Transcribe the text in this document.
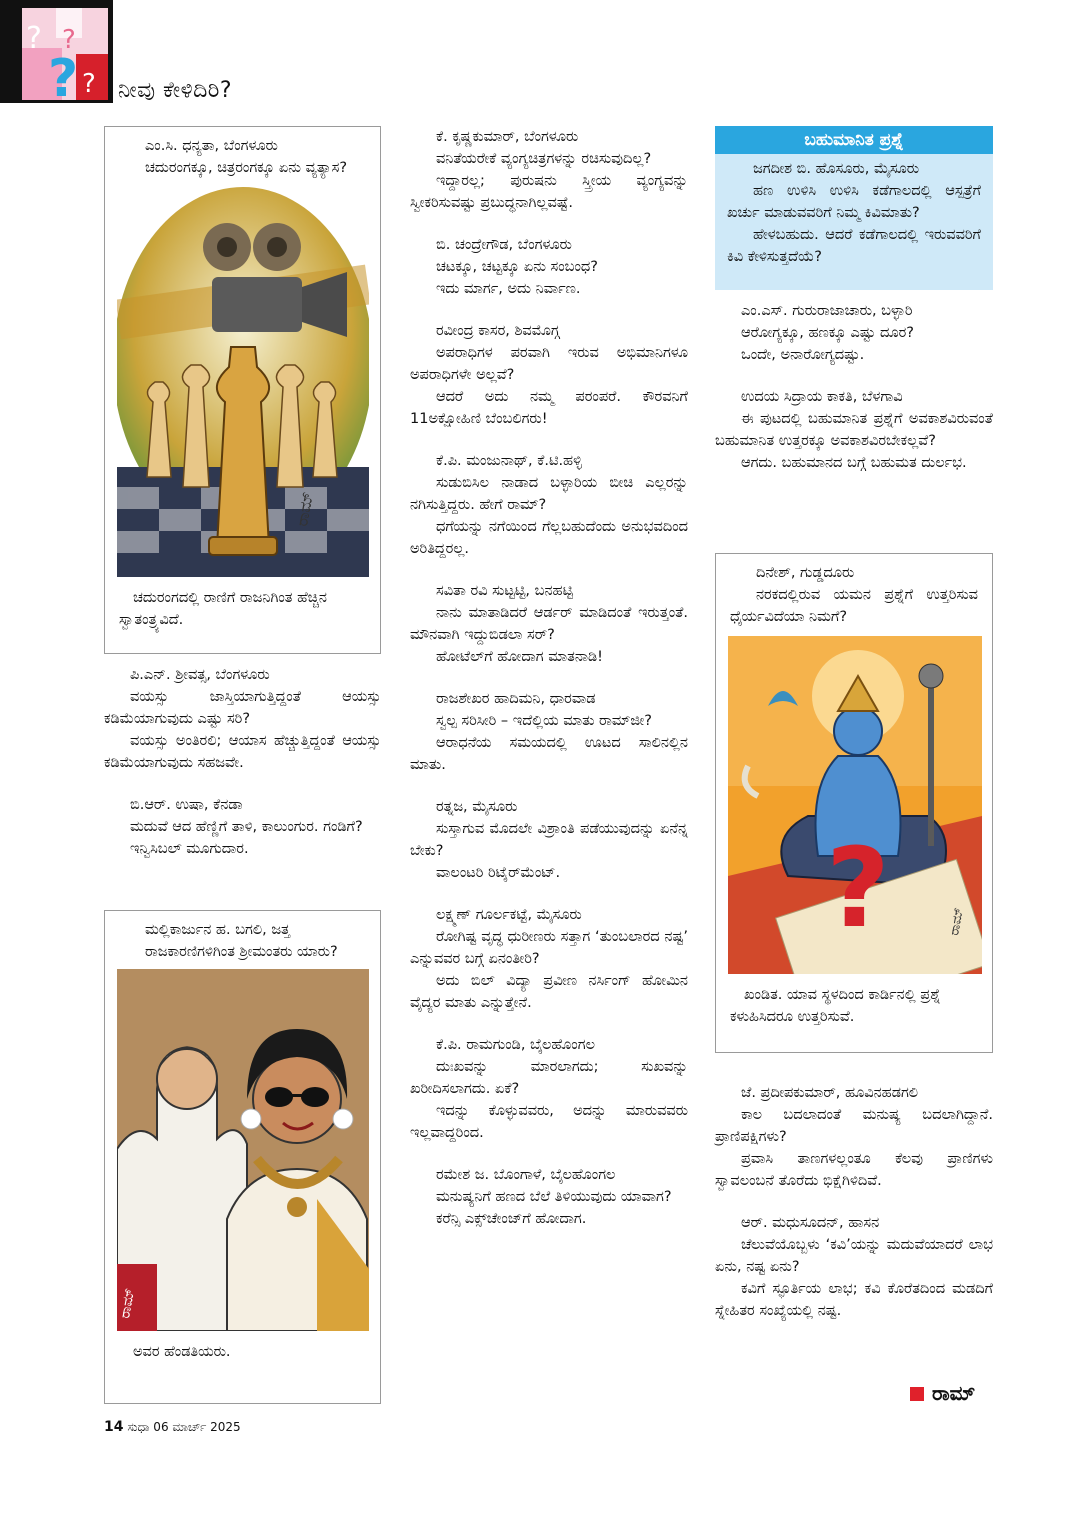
? ?
? ? ನೀವು ಕೇಳಿದಿರಿ?

ಎಂ.ಸಿ. ಧನ್ಯತಾ, ಬೆಂಗಳೂರು

ಚದುರಂಗಕ್ಕೂ, ಚಿತ್ರರಂಗಕ್ಕೂ ಏನು ವ್ಯತ್ಯಾಸ?

ರಾಮ್

ಚದುರಂಗದಲ್ಲಿ ರಾಣಿಗೆ ರಾಜನಿಗಿಂತ ಹೆಚ್ಚಿನ ಸ್ವಾತಂತ್ರ್ಯವಿದೆ.

ಪಿ.ಎನ್. ಶ್ರೀವತ್ಸ, ಬೆಂಗಳೂರು

ವಯಸ್ಸು ಜಾಸ್ತಿಯಾಗುತ್ತಿದ್ದಂತೆ ಆಯಸ್ಸು ಕಡಿಮೆಯಾಗುವುದು ಎಷ್ಟು ಸರಿ?

ವಯಸ್ಸು ಅಂತಿರಲಿ; ಆಯಾಸ ಹೆಚ್ಚುತ್ತಿದ್ದಂತೆ ಆಯಸ್ಸು ಕಡಿಮೆಯಾಗುವುದು ಸಹಜವೇ.

ಬಿ.ಆರ್. ಉಷಾ, ಕೆನಡಾ

ಮದುವೆ ಆದ ಹೆಣ್ಣಿಗೆ ತಾಳಿ, ಕಾಲುಂಗುರ. ಗಂಡಿಗೆ?

ಇನ್ವಿಸಿಬಲ್ ಮೂಗುದಾರ.

ಮಲ್ಲಿಕಾರ್ಜುನ ಹ. ಬಗಲಿ, ಜತ್ತ

ರಾಜಕಾರಣಿಗಳಿಗಿಂತ ಶ್ರೀಮಂತರು ಯಾರು?

ರಾಮ್

ಅವರ ಹೆಂಡತಿಯರು.

ಕೆ. ಕೃಷ್ಣಕುಮಾರ್, ಬೆಂಗಳೂರು

ವನಿತೆಯರೇಕೆ ವ್ಯಂಗ್ಯಚಿತ್ರಗಳನ್ನು ರಚಿಸುವುದಿಲ್ಲ?

ಇದ್ದಾರಲ್ಲ; ಪುರುಷನು ಸ್ತ್ರೀಯ ವ್ಯಂಗ್ಯವನ್ನು ಸ್ವೀಕರಿಸುವಷ್ಟು ಪ್ರಬುದ್ಧನಾಗಿಲ್ಲವಷ್ಟೆ.

ಬಿ. ಚಂದ್ರೇಗೌಡ, ಬೆಂಗಳೂರು

ಚಟಕ್ಕೂ, ಚಟ್ಟಕ್ಕೂ ಏನು ಸಂಬಂಧ?

ಇದು ಮಾರ್ಗ, ಅದು ನಿರ್ವಾಣ.

ರವೀಂದ್ರ ಕಾಸರ, ಶಿವಮೊಗ್ಗ

ಅಪರಾಧಿಗಳ ಪರವಾಗಿ ಇರುವ ಅಭಿಮಾನಿಗಳೂ ಅಪರಾಧಿಗಳೇ ಅಲ್ಲವೆ?

ಆದರೆ ಅದು ನಮ್ಮ ಪರಂಪರೆ. ಕೌರವನಿಗೆ 11ಅಕ್ಷೋಹಿಣಿ ಬೆಂಬಲಿಗರು!

ಕೆ.ಪಿ. ಮಂಜುನಾಥ್, ಕೆ.ಟಿ.ಹಳ್ಳಿ

ಸುಡುಬಿಸಿಲ ನಾಡಾದ ಬಳ್ಳಾರಿಯ ಬೀಚಿ ಎಲ್ಲರನ್ನು ನಗಿಸುತ್ತಿದ್ದರು. ಹೇಗೆ ರಾಮ್?

ಧಗೆಯನ್ನು ನಗೆಯಿಂದ ಗೆಲ್ಲಬಹುದೆಂದು ಅನುಭವದಿಂದ ಅರಿತಿದ್ದರಲ್ಲ.

ಸವಿತಾ ರವಿ ಸುಟ್ಟಟ್ಟಿ, ಬನಹಟ್ಟಿ

ನಾನು ಮಾತಾಡಿದರೆ ಆರ್ಡರ್ ಮಾಡಿದಂತೆ ಇರುತ್ತಂತೆ. ಮೌನವಾಗಿ ಇದ್ದುಬಿಡಲಾ ಸರ್?

ಹೋಟೆಲ್‌ಗೆ ಹೋದಾಗ ಮಾತನಾಡಿ!

ರಾಜಶೇಖರ ಹಾದಿಮನಿ, ಧಾರವಾಡ

ಸ್ವಲ್ಪ ಸರಿಸೀರಿ – ಇದೆಲ್ಲಿಯ ಮಾತು ರಾಮ್‌ಜೀ?

ಆರಾಧನೆಯ ಸಮಯದಲ್ಲಿ ಊಟದ ಸಾಲಿನಲ್ಲಿನ ಮಾತು.

ರತ್ನಜ, ಮೈಸೂರು

ಸುಸ್ತಾಗುವ ಮೊದಲೇ ವಿಶ್ರಾಂತಿ ಪಡೆಯುವುದನ್ನು ಏನೆನ್ನ ಬೇಕು?

ವಾಲಂಟರಿ ರಿಟೈರ್‌ಮೆಂಟ್.

ಲಕ್ಷ್ಮಣ್ ಗೂರ್ಲಕಟ್ಟೆ, ಮೈಸೂರು

ರೋಗಿಷ್ಟ ವೃದ್ಧ ಧುರೀಣರು ಸತ್ತಾಗ ‘ತುಂಬಲಾರದ ನಷ್ಟ’ ಎನ್ನುವವರ ಬಗ್ಗೆ ಏನಂತೀರಿ?

ಅದು ಬಿಲ್ ವಿದ್ಯಾ ಪ್ರವೀಣ ನರ್ಸಿಂಗ್ ಹೋಮಿನ ವೈದ್ಯರ ಮಾತು ಎನ್ನುತ್ತೇನೆ.

ಕೆ.ಪಿ. ರಾಮಗುಂಡಿ, ಬೈಲಹೊಂಗಲ

ದುಃಖವನ್ನು ಮಾರಲಾಗದು; ಸುಖವನ್ನು ಖರೀದಿಸಲಾಗದು. ಏಕೆ?

ಇದನ್ನು ಕೊಳ್ಳುವವರು, ಅದನ್ನು ಮಾರುವವರು ಇಲ್ಲವಾದ್ದರಿಂದ.

ರಮೇಶ ಜ. ಬೊಂಗಾಳೆ, ಬೈಲಹೊಂಗಲ

ಮನುಷ್ಯನಿಗೆ ಹಣದ ಬೆಲೆ ತಿಳಿಯುವುದು ಯಾವಾಗ?

ಕರೆನ್ಸಿ ಎಕ್ಸ್‌ಚೇಂಜ್‌ಗೆ ಹೋದಾಗ.

ಬಹುಮಾನಿತ ಪ್ರಶ್ನೆ

ಜಗದೀಶ ಬಿ. ಹೊಸೂರು, ಮೈಸೂರು

ಹಣ ಉಳಿಸಿ ಉಳಿಸಿ ಕಡೆಗಾಲದಲ್ಲಿ ಆಸ್ಪತ್ರೆಗೆ ಖರ್ಚು ಮಾಡುವವರಿಗೆ ನಿಮ್ಮ ಕಿವಿಮಾತು?

ಹೇಳಬಹುದು. ಆದರೆ ಕಡೆಗಾಲದಲ್ಲಿ ಇರುವವರಿಗೆ ಕಿವಿ ಕೇಳಿಸುತ್ತದೆಯೆ?

ಎಂ.ಎಸ್. ಗುರುರಾಜಾಚಾರು, ಬಳ್ಳಾರಿ

ಆರೋಗ್ಯಕ್ಕೂ, ಹಣಕ್ಕೂ ಎಷ್ಟು ದೂರ?

ಒಂದೇ, ಅನಾರೋಗ್ಯದಷ್ಟು.

ಉದಯ ಸಿದ್ರಾಯ ಕಾಕತಿ, ಬೆಳಗಾವಿ

ಈ ಪುಟದಲ್ಲಿ ಬಹುಮಾನಿತ ಪ್ರಶ್ನೆಗೆ ಅವಕಾಶವಿರುವಂತೆ ಬಹುಮಾನಿತ ಉತ್ತರಕ್ಕೂ ಅವಕಾಶವಿರಬೇಕಲ್ಲವೆ?

ಆಗದು. ಬಹುಮಾನದ ಬಗ್ಗೆ ಬಹುಮತ ದುರ್ಲಭ.

ದಿನೇಶ್, ಗುಡ್ಡದೂರು

ನರಕದಲ್ಲಿರುವ ಯಮನ ಪ್ರಶ್ನೆಗೆ ಉತ್ತರಿಸುವ ಧೈರ್ಯವಿದೆಯಾ ನಿಮಗೆ?

?	ರಾಮ್

ಖಂಡಿತ. ಯಾವ ಸ್ಥಳದಿಂದ ಕಾರ್ಡಿನಲ್ಲಿ ಪ್ರಶ್ನೆ ಕಳುಹಿಸಿದರೂ ಉತ್ತರಿಸುವೆ.

ಜೆ. ಪ್ರದೀಪಕುಮಾರ್, ಹೂವಿನಹಡಗಲಿ

ಕಾಲ ಬದಲಾದಂತೆ ಮನುಷ್ಯ ಬದಲಾಗಿದ್ದಾನೆ. ಪ್ರಾಣಿಪಕ್ಷಿಗಳು?

ಪ್ರವಾಸಿ ತಾಣಗಳಲ್ಲಂತೂ ಕೆಲವು ಪ್ರಾಣಿಗಳು ಸ್ವಾವಲಂಬನೆ ತೊರೆದು ಭಿಕ್ಷೆಗಿಳಿದಿವೆ.

ಆರ್. ಮಧುಸೂದನ್, ಹಾಸನ

ಚೆಲುವೆಯೊಬ್ಬಳು ‘ಕವಿ’ಯನ್ನು ಮದುವೆಯಾದರೆ ಲಾಭ ಏನು, ನಷ್ಟ ಏನು?

ಕವಿಗೆ ಸ್ಫೂರ್ತಿಯ ಲಾಭ; ಕವಿ ಕೊರೆತದಿಂದ ಮಡದಿಗೆ ಸ್ನೇಹಿತರ ಸಂಖ್ಯೆಯಲ್ಲಿ ನಷ್ಟ.

ರಾಮ್
14 ಸುಧಾ 06 ಮಾರ್ಚ್ 2025
